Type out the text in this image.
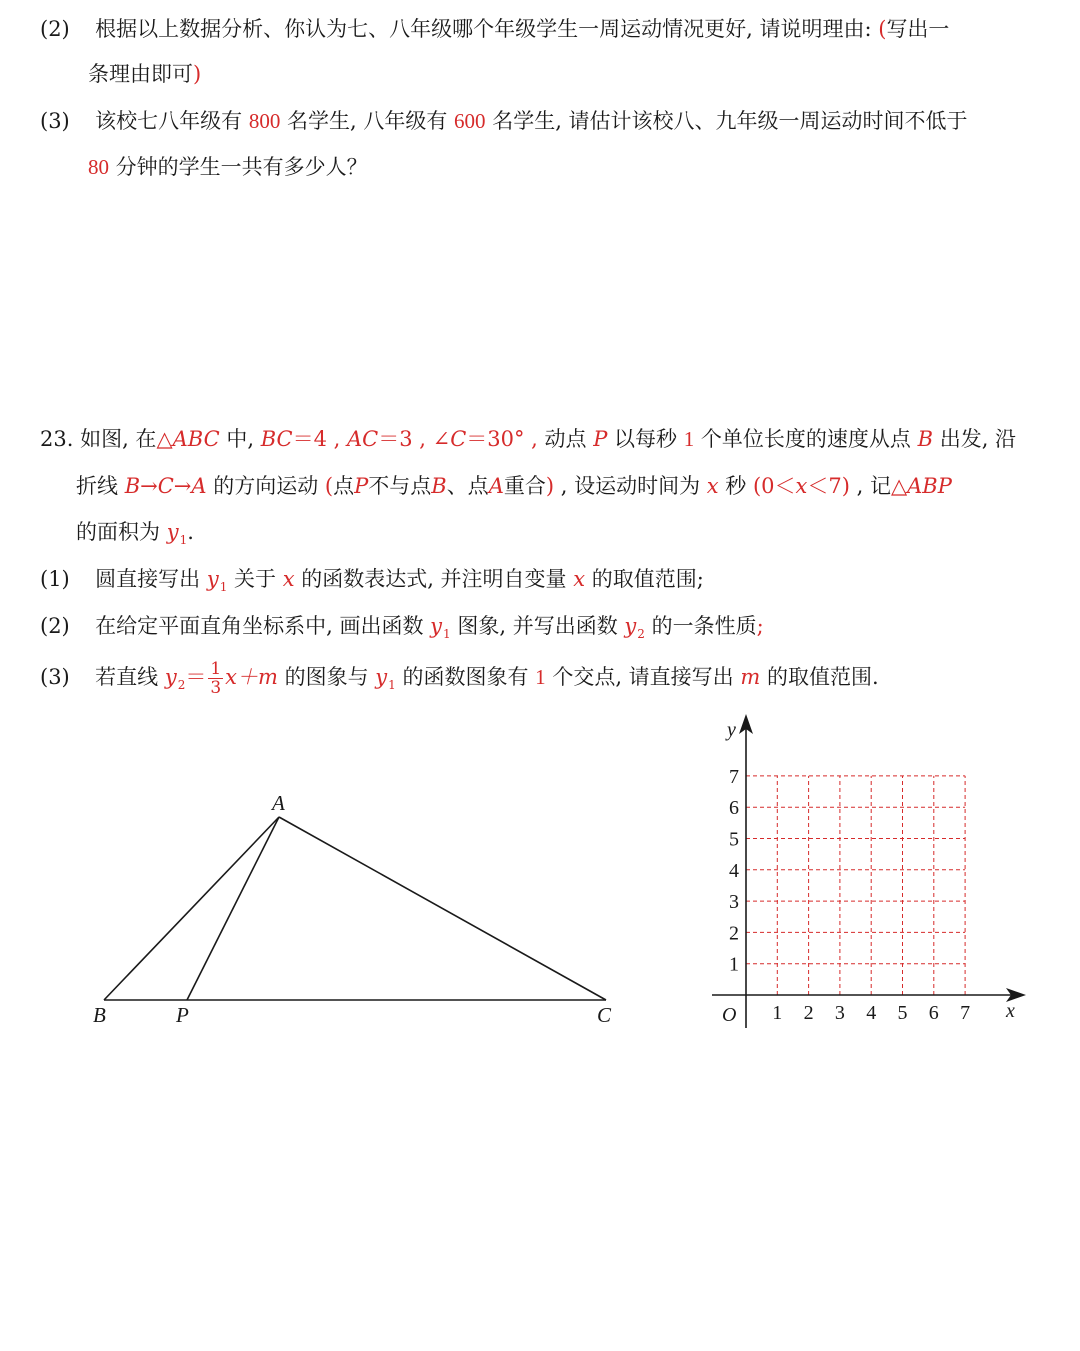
(2) 根据以上数据分析、你认为七、八年级哪个年级学生一周运动情况更好, 请说明理由: (写出一
条理由即可)
(3) 该校七八年级有 800 名学生, 八年级有 600 名学生, 请估计该校八、九年级一周运动时间不低于
80 分钟的学生一共有多少人？
23. 如图, 在△ABC 中, BC＝4 , AC＝3 , ∠C＝30° , 动点 P 以每秒 1 个单位长度的速度从点 B 出发, 沿
折线 B→C→A 的方向运动 (点P不与点B、点A重合) , 设运动时间为 x 秒 (0＜x＜7) , 记△ABP
的面积为 $y_1$.
(1) 圆直接写出 $y_1$ 关于 x 的函数表达式, 并注明自变量 x 的取值范围;
(2) 在给定平面直角坐标系中, 画出函数 $y_1$ 图象, 并写出函数 $y_2$ 的一条性质;
(3) 若直线 $y_2= \frac{1}{3} x+m$ 的图象与 $y_1$ 的函数图象有 1 个交点, 请直接写出 m 的取值范围.
A
B	P	C	1 2 3 4 5 6 7
1
2
3
4
5
6
7
y
x
O
